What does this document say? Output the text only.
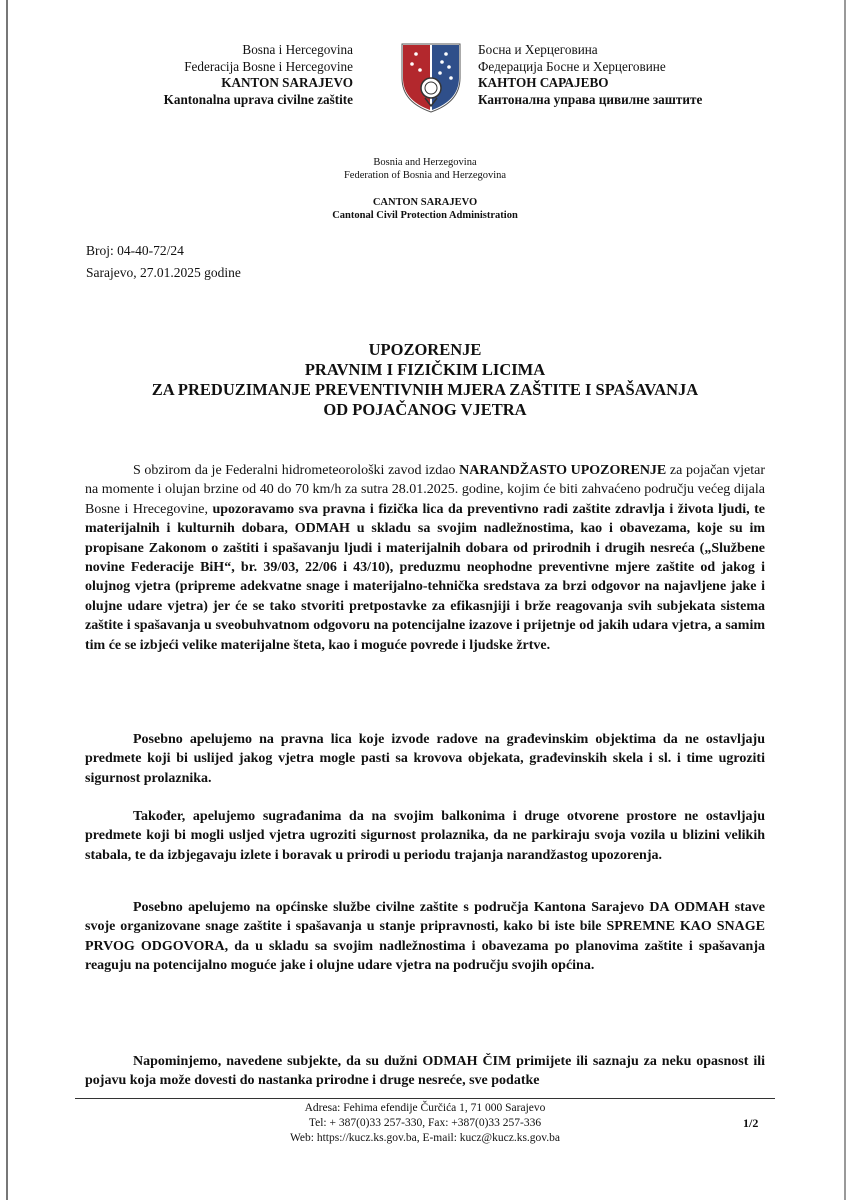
Bosna i Hercegovina
Federacija Bosne i Hercegovine
KANTON SARAJEVO
Kantonalna uprava civilne zaštite
Босна и Херцеговина
Федерација Босне и Херцеговине
КАНТОН САРАЈЕВО
Кантонална управа цивилне заштите
Bosnia and Herzegovina
Federation of Bosnia and Herzegovina
CANTON SARAJEVO
Cantonal Civil Protection Administration
Broj: 04-40-72/24
Sarajevo, 27.01.2025 godine
UPOZORENJE
PRAVNIM I FIZIČKIM LICIMA
ZA PREDUZIMANJE PREVENTIVNIH MJERA ZAŠTITE I SPAŠAVANJA
OD POJAČANOG VJETRA
S obzirom da je Federalni hidrometeorološki zavod izdao NARANDŽASTO UPOZORENJE za pojačan vjetar na momente i olujan brzine od 40 do 70 km/h za sutra 28.01.2025. godine, kojim će biti zahvaćeno području većeg dijala Bosne i Hrecegovine, upozoravamo sva pravna i fizička lica da preventivno radi zaštite zdravlja i života ljudi, te materijalnih i kulturnih dobara, ODMAH u skladu sa svojim nadležnostima, kao i obavezama, koje su im propisane Zakonom o zaštiti i spašavanju ljudi i materijalnih dobara od prirodnih i drugih nesreća („Službene novine Federacije BiH“, br. 39/03, 22/06 i 43/10), preduzmu neophodne preventivne mjere zaštite od jakog i olujnog vjetra (pripreme adekvatne snage i materijalno-tehnička sredstava za brzi odgovor na najavljene jake i olujne udare vjetra) jer će se tako stvoriti pretpostavke za efikasnjiji i brže reagovanja svih subjekata sistema zaštite i spašavanja u sveobuhvatnom odgovoru na potencijalne izazove i prijetnje od jakih udara vjetra, a samim tim će se izbjeći velike materijalne šteta, kao i moguće povrede i ljudske žrtve.
Posebno apelujemo na pravna lica koje izvode radove na građevinskim objektima da ne ostavljaju predmete koji bi uslijed jakog vjetra mogle pasti sa krovova objekata, građevinskih skela i sl. i time ugroziti sigurnost prolaznika.
Također, apelujemo sugrađanima da na svojim balkonima i druge otvorene prostore ne ostavljaju predmete koji bi mogli usljed vjetra ugroziti sigurnost prolaznika, da ne parkiraju svoja vozila u blizini velikih stabala, te da izbjegavaju izlete i boravak u prirodi u periodu trajanja narandžastog upozorenja.
Posebno apelujemo na općinske službe civilne zaštite s područja Kantona Sarajevo DA ODMAH stave svoje organizovane snage zaštite i spašavanja u stanje pripravnosti, kako bi iste bile SPREMNE KAO SNAGE PRVOG ODGOVORA, da u skladu sa svojim nadležnostima i obavezama po planovima zaštite i spašavanja reaguju na potencijalno moguće jake i olujne udare vjetra na području svojih općina.
Napominjemo, navedene subjekte, da su dužni ODMAH ČIM primijete ili saznaju za neku opasnost ili pojavu koja može dovesti do nastanka prirodne i druge nesreće, sve podatke
Adresa: Fehima efendije Čurčića 1, 71 000 Sarajevo
Tel: + 387(0)33 257-330, Fax: +387(0)33 257-336
Web: https://kucz.ks.gov.ba, E-mail: kucz@kucz.ks.gov.ba
1/2
